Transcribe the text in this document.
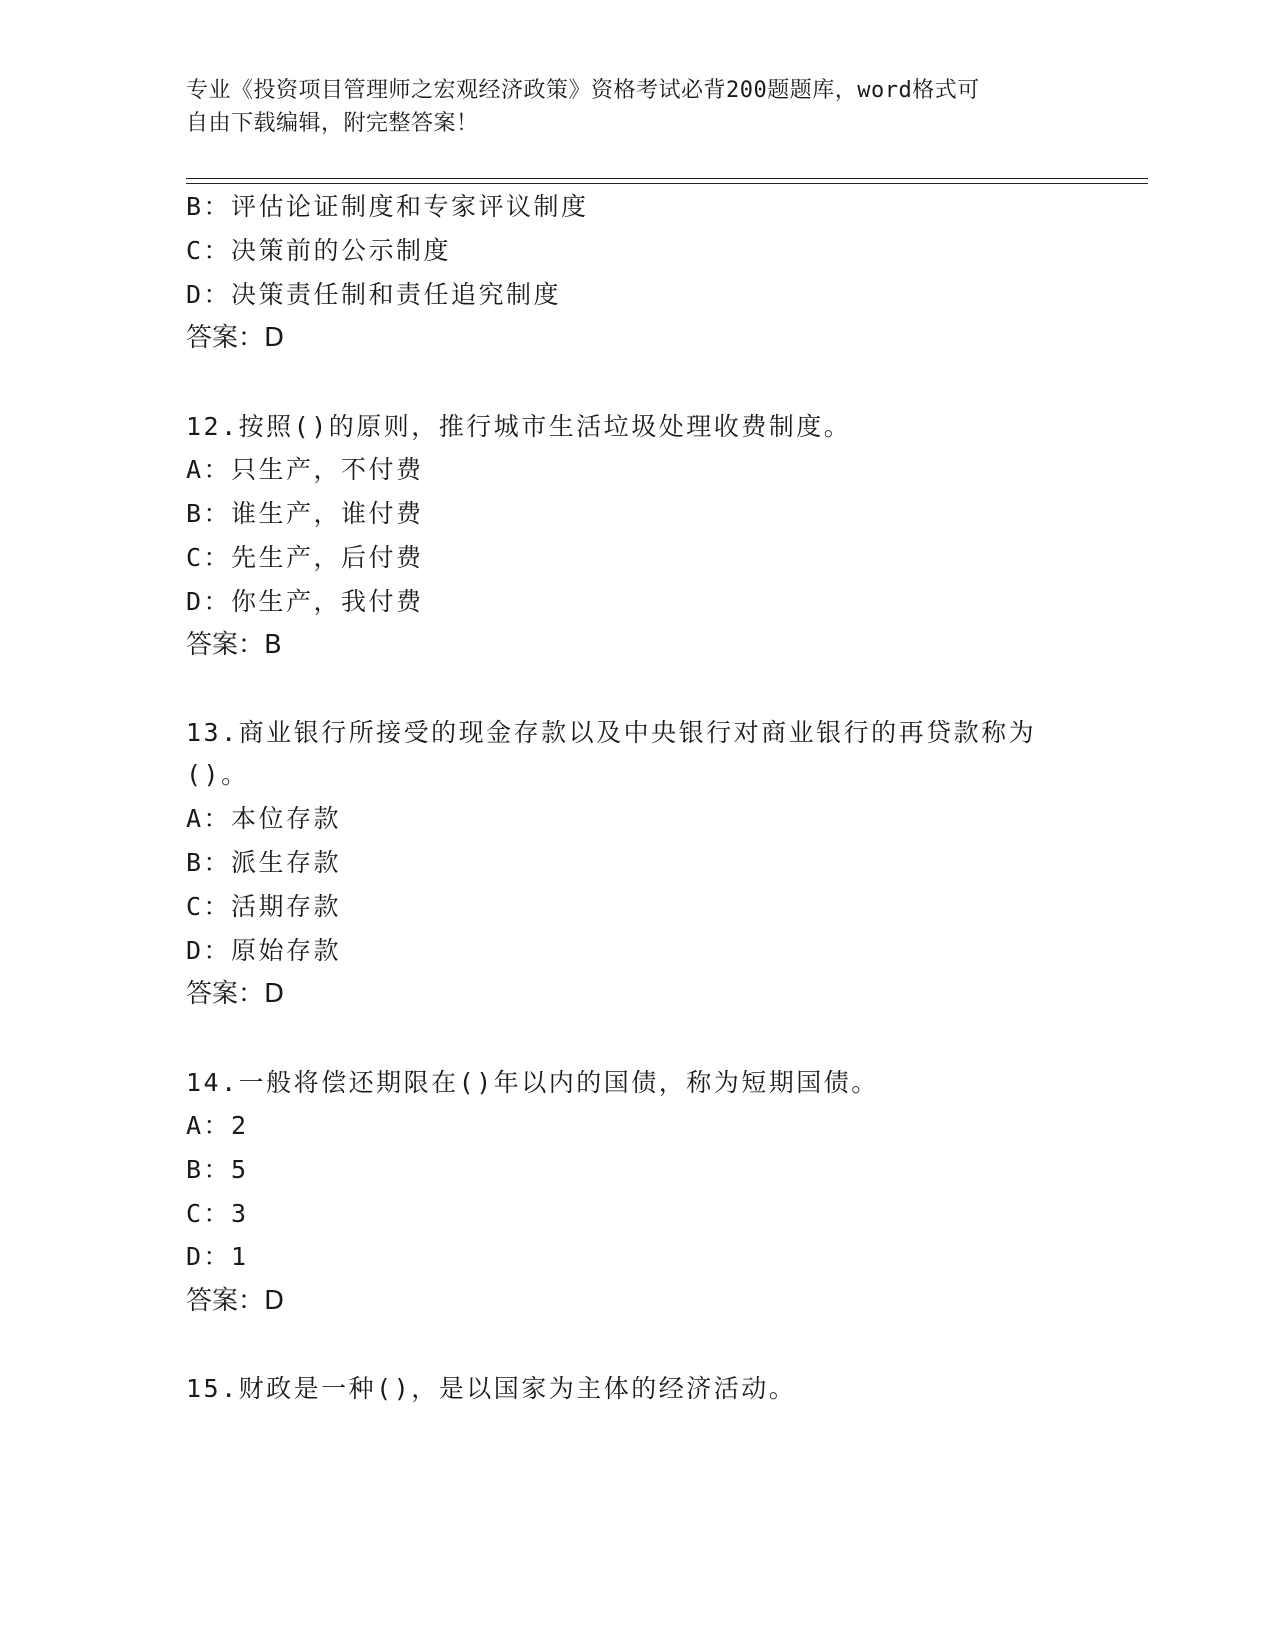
专业《投资项目管理师之宏观经济政策》资格考试必背200题题库，word格式可
自由下载编辑，附完整答案！
B：评估论证制度和专家评议制度
C：决策前的公示制度
D：决策责任制和责任追究制度
答案：D
12.按照()的原则，推行城市生活垃圾处理收费制度。
A：只生产，不付费
B：谁生产，谁付费
C：先生产，后付费
D：你生产，我付费
答案：B
13.商业银行所接受的现金存款以及中央银行对商业银行的再贷款称为
()。
A：本位存款
B：派生存款
C：活期存款
D：原始存款
答案：D
14.一般将偿还期限在()年以内的国债，称为短期国债。
A：2
B：5
C：3
D：1
答案：D
15.财政是一种()，是以国家为主体的经济活动。
